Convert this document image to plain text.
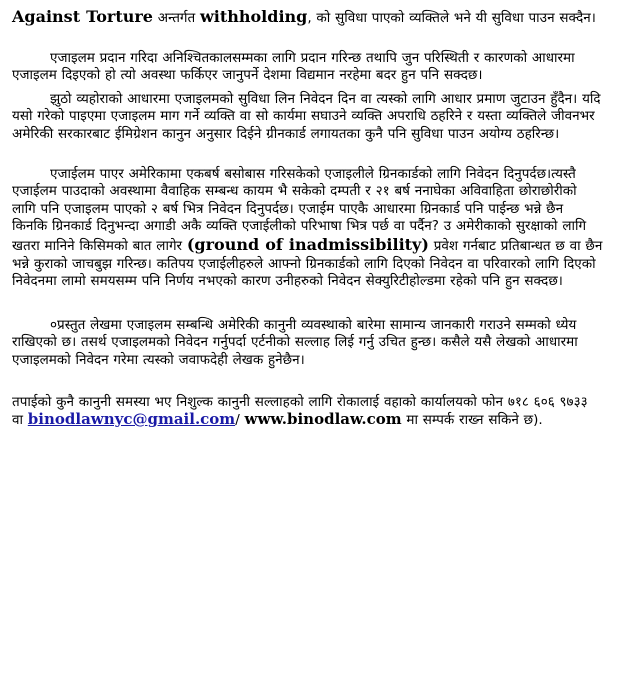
Against Torture अन्तर्गत withholding, को सुविधा पाएको व्यक्तिले भने यी सुविधा पाउन सक्दैन।

एजाइलम प्रदान गरिदा अनिश्चितकालसम्मका लागि प्रदान गरिन्छ तथापि जुन परिस्थिती र कारणको आधारमा एजाइलम दिइएको हो त्यो अवस्था फर्किएर जानुपर्ने देशमा विद्यमान नरहेमा बदर हुन पनि सक्दछ।

झुठो व्यहोराको आधारमा एजाइलमको सुविधा लिन निवेदन दिन वा त्यस्को लागि आधार प्रमाण जुटाउन हुँदैन। यदि यसो गरेको पाइएमा एजाइलम माग गर्ने व्यक्ति वा सो कार्यमा सघाउने व्यक्ति अपराधि ठहरिने र यस्ता व्यक्तिले जीवनभर अमेरिकी सरकारबाट ईमिग्रेशन कानुन अनुसार दिईने ग्रीनकार्ड लगायतका कुनै पनि सुविधा पाउन अयोग्य ठहरिन्छ।

एजाईलम पाएर अमेरिकामा एकबर्ष बसोबास गरिसकेको एजाइलीले ग्रिनकार्डको लागि निवेदन दिनुपर्दछ।त्यस्तै एजाईलम पाउदाको अवस्थामा वैवाहिक सम्बन्ध कायम भै सकेको दम्पती र २१ बर्ष ननाघेका अविवाहिता छोराछोरीको लागि पनि एजाइलम पाएको २ बर्ष भित्र निवेदन दिनुपर्दछ। एजाईम पाएकै आधारमा ग्रिनकार्ड पनि पाईन्छ भन्ने छैन किनकि ग्रिनकार्ड दिनुभन्दा अगाडी अकै व्यक्ति एजाईलीको परिभाषा भित्र पर्छ वा पर्दैन? उ अमेरीकाको सुरक्षाको लागि खतरा मानिने किसिमको बात लागेर (ground of inadmissibility) प्रवेश गर्नबाट प्रतिबान्धत छ वा छैन भन्ने कुराको जाचबुझ गरिन्छ। कतिपय एजाईलीहरुले आफ्नो ग्रिनकार्डको लागि दिएको निवेदन वा परिवारको लागि दिएको निवेदनमा लामो समयसम्म पनि निर्णय नभएको कारण उनीहरुको निवेदन सेक्युरिटीहोल्डमा रहेको पनि हुन सक्दछ।

०प्रस्तुत लेखमा एजाइलम सम्बन्धि अमेरिकी कानुनी व्यवस्थाको बारेमा सामान्य जानकारी गराउने सम्मको ध्येय राखिएको छ। तसर्थ एजाइलमको निवेदन गर्नुपर्दा एर्टनीको सल्लाह लिई गर्नु उचित हुन्छ। कसैले यसै लेखको आधारमा एजाइलमको निवेदन गरेमा त्यस्को जवाफदेही लेखक हुनेछैन।

तपाईको कुनै कानुनी समस्या भए निशुल्क कानुनी सल्लाहको लागि रोकालाई वहाको कार्यालयको फोन ७१८ ६०६ ९७३३ वा binodlawnyc@gmail.com/ www.binodlaw.com मा सम्पर्क राख्न सकिने छ).
